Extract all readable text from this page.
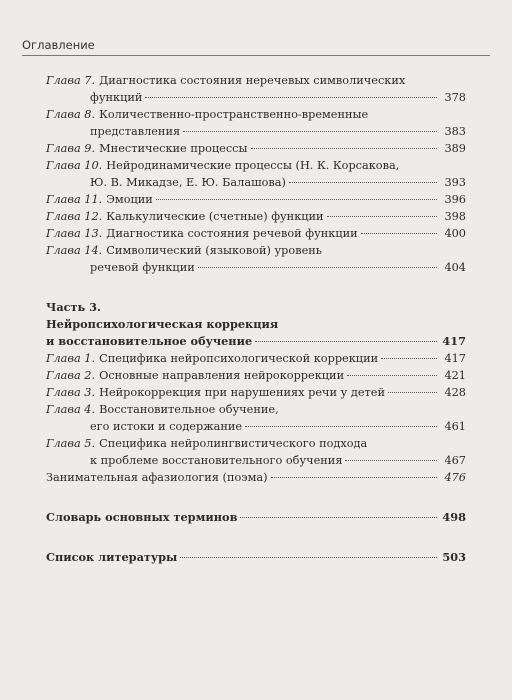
Оглавление
Глава 7. Диагностика состояния неречевых символических
функций	378
Глава 8. Количественно-пространственно-временные
представления	383
Глава 9. Мнестические процессы	389
Глава 10. Нейродинамические процессы (Н. К. Корсакова,
Ю. В. Микадзе, Е. Ю. Балашова)	393
Глава 11. Эмоции	396
Глава 12. Калькулические (счетные) функции	398
Глава 13. Диагностика состояния речевой функции	400
Глава 14. Символический (языковой) уровень
речевой функции	404
Часть 3.
Нейропсихологическая коррекция
и восстановительное обучение	417
Глава 1. Специфика нейропсихологической коррекции	417
Глава 2. Основные направления нейрокоррекции	421
Глава 3. Нейрокоррекция при нарушениях речи у детей	428
Глава 4. Восстановительное обучение,
его истоки и содержание	461
Глава 5. Специфика нейролингвистического подхода
к проблеме восстановительного обучения	467
Занимательная афазиология (поэма)	476
Словарь основных терминов	498
Список литературы	503
